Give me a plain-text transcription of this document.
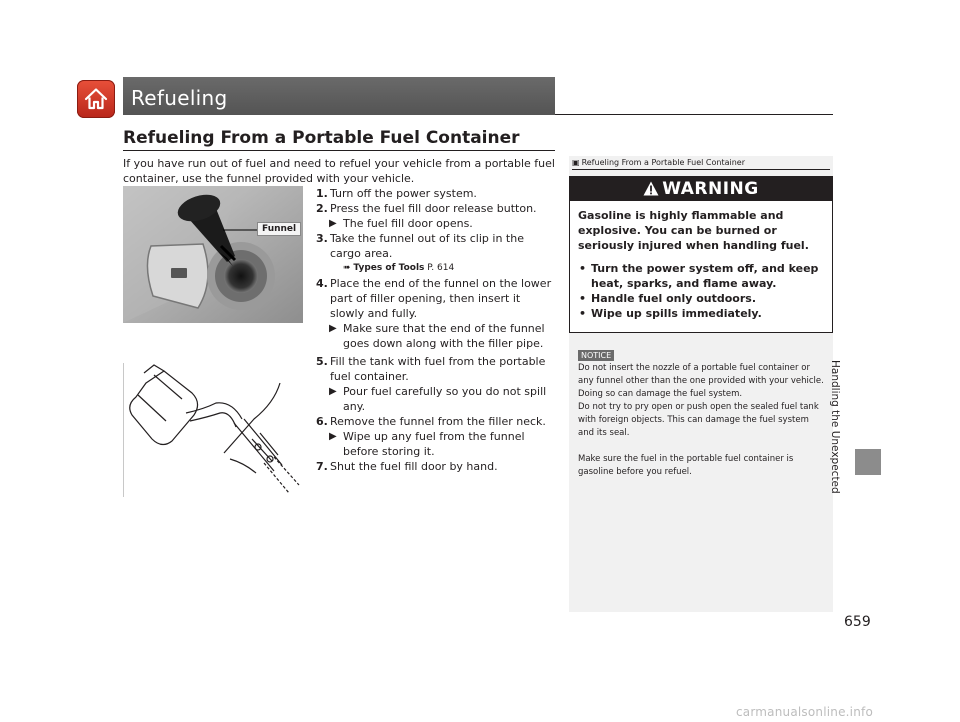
Refueling
Refueling From a Portable Fuel Container

If you have run out of fuel and need to refuel your vehicle from a portable fuel container, use the funnel provided with your vehicle.

Funnel
1. Turn off the power system.
2. Press the fuel fill door release button.
▶ The fuel fill door opens.
3. Take the funnel out of its clip in the cargo area.
➠ Types of Tools P. 614
4. Place the end of the funnel on the lower part of filler opening, then insert it slowly and fully.
▶ Make sure that the end of the funnel goes down along with the filler pipe.
5. Fill the tank with fuel from the portable fuel container.
▶ Pour fuel carefully so you do not spill any.
6. Remove the funnel from the filler neck.
▶ Wipe up any fuel from the funnel before storing it.
7. Shut the fuel fill door by hand.
▣ Refueling From a Portable Fuel Container
WARNING

Gasoline is highly flammable and explosive. You can be burned or seriously injured when handling fuel.

• Turn the power system off, and keep heat, sparks, and flame away.
• Handle fuel only outdoors.
• Wipe up spills immediately.
NOTICE

Do not insert the nozzle of a portable fuel container or any funnel other than the one provided with your vehicle. Doing so can damage the fuel system.

Do not try to pry open or push open the sealed fuel tank with foreign objects. This can damage the fuel system and its seal.

Make sure the fuel in the portable fuel container is gasoline before you refuel.	Handling the Unexpected
659
carmanualsonline.info
